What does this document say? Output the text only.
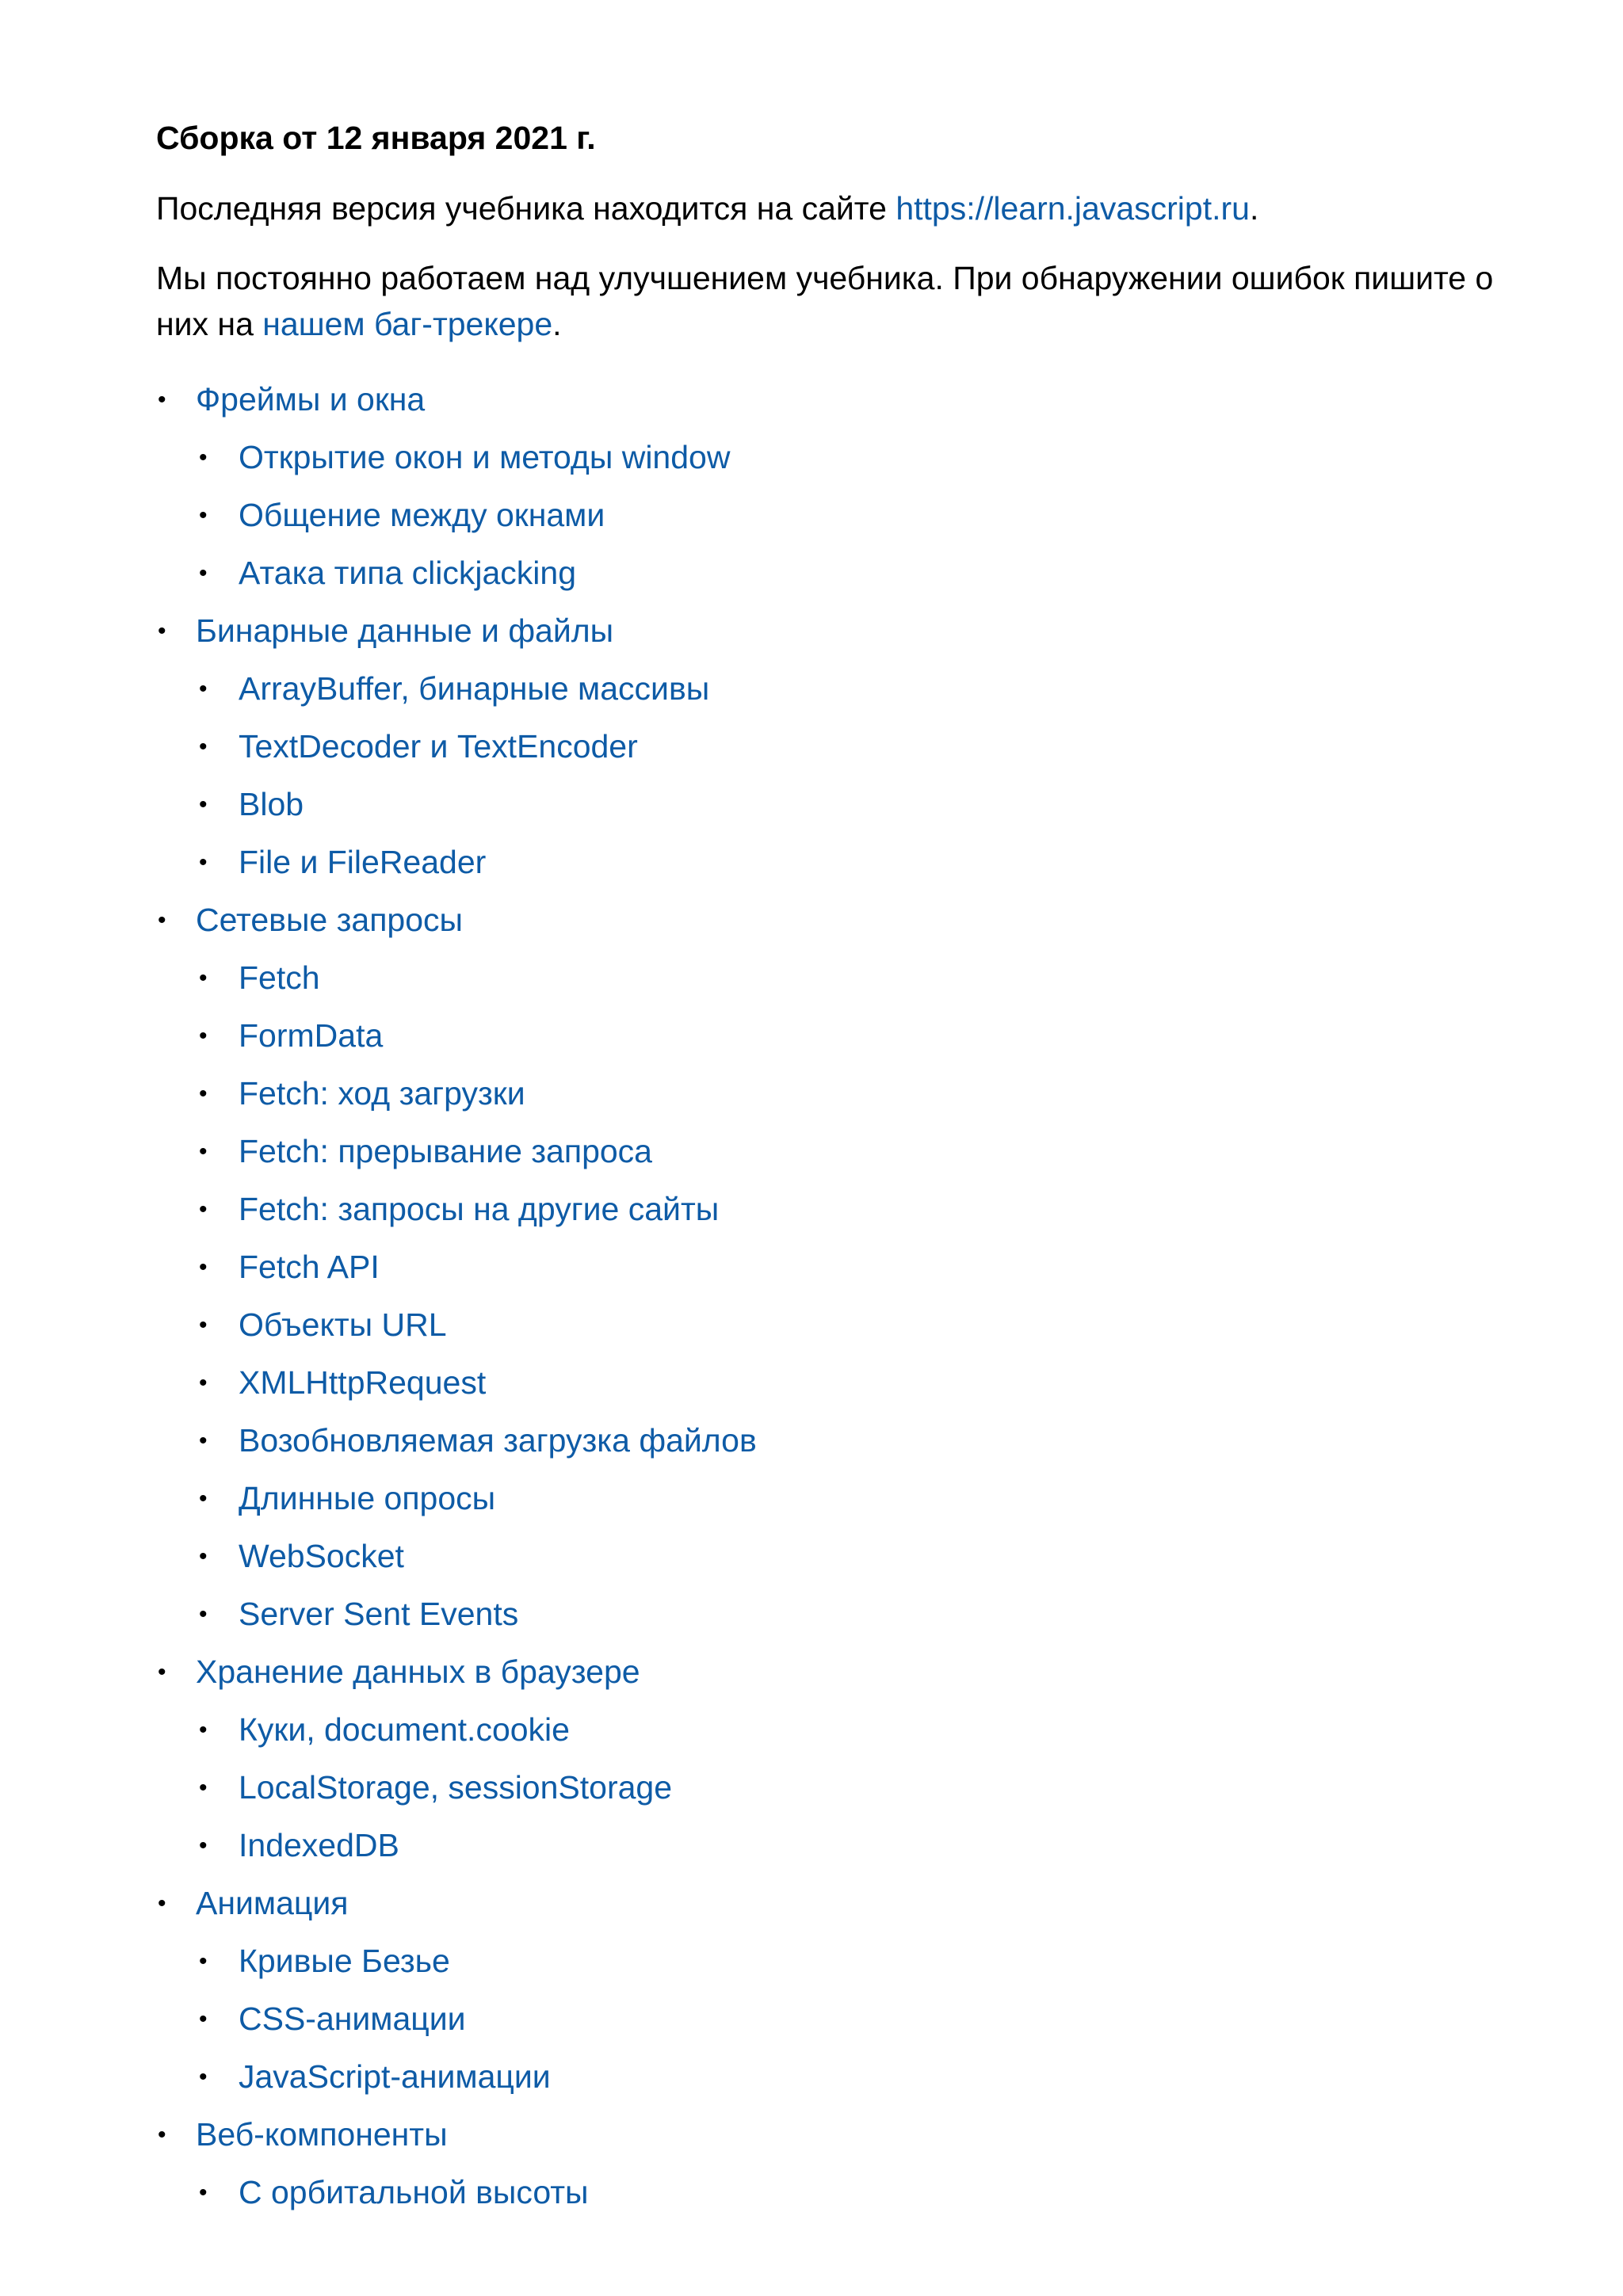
Сборка от 12 января 2021 г.

Последняя версия учебника находится на сайте https://learn.javascript.ru.

Мы постоянно работаем над улучшением учебника. При обнаружении ошибок пишите о них на нашем баг-трекере.

• Фреймы и окна
• Открытие окон и методы window
• Общение между окнами
• Атака типа clickjacking
• Бинарные данные и файлы
• ArrayBuffer, бинарные массивы
• TextDecoder и TextEncoder
• Blob
• File и FileReader
• Сетевые запросы
• Fetch
• FormData
• Fetch: ход загрузки
• Fetch: прерывание запроса
• Fetch: запросы на другие сайты
• Fetch API
• Объекты URL
• XMLHttpRequest
• Возобновляемая загрузка файлов
• Длинные опросы
• WebSocket
• Server Sent Events
• Хранение данных в браузере
• Куки, document.cookie
• LocalStorage, sessionStorage
• IndexedDB
• Анимация
• Кривые Безье
• CSS-анимации
• JavaScript-анимации
• Веб-компоненты
• С орбитальной высоты
